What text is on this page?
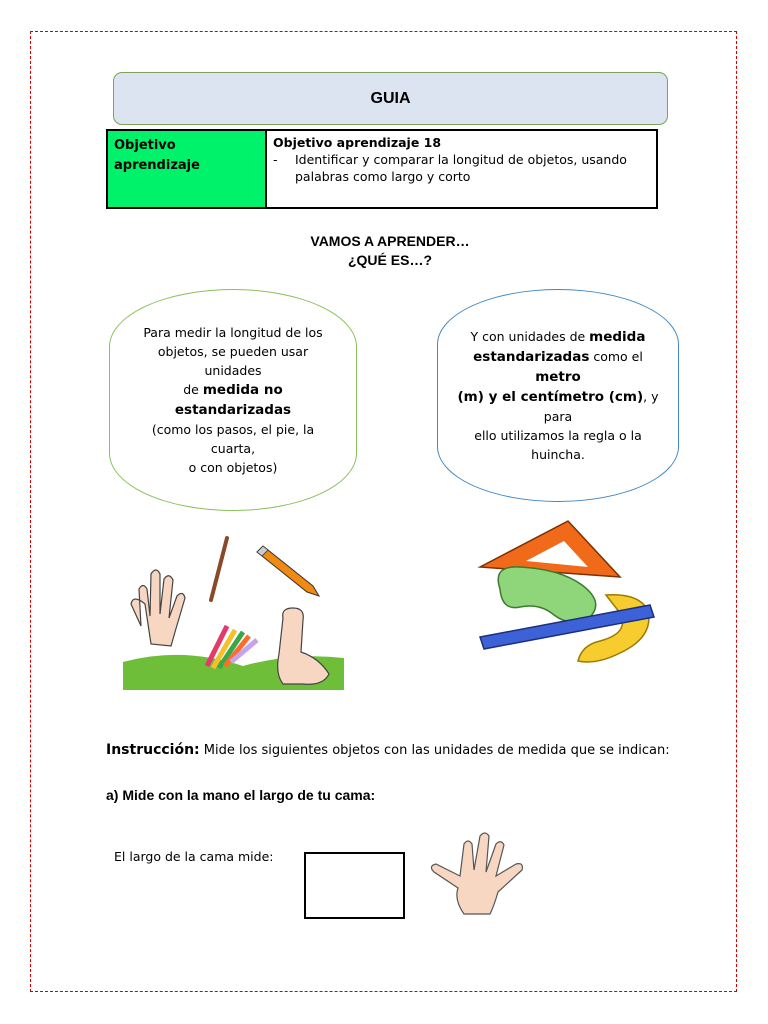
GUIA
Objetivo
aprendizaje
Objetivo aprendizaje 18
-	Identificar y comparar la longitud de objetos, usando
palabras como largo y corto
VAMOS A APRENDER…
¿QUÉ ES…?
Para medir la longitud de los
objetos, se pueden usar unidades
de medida no estandarizadas
(como los pasos, el pie, la cuarta,
o con objetos)
Y con unidades de medida
estandarizadas como el metro
(m) y el centímetro (cm), y para
ello utilizamos la regla o la
huincha.
Instrucción: Mide los siguientes objetos con las unidades de medida que se indican:
a) Mide con la mano el largo de tu cama:
El largo de la cama mide:
